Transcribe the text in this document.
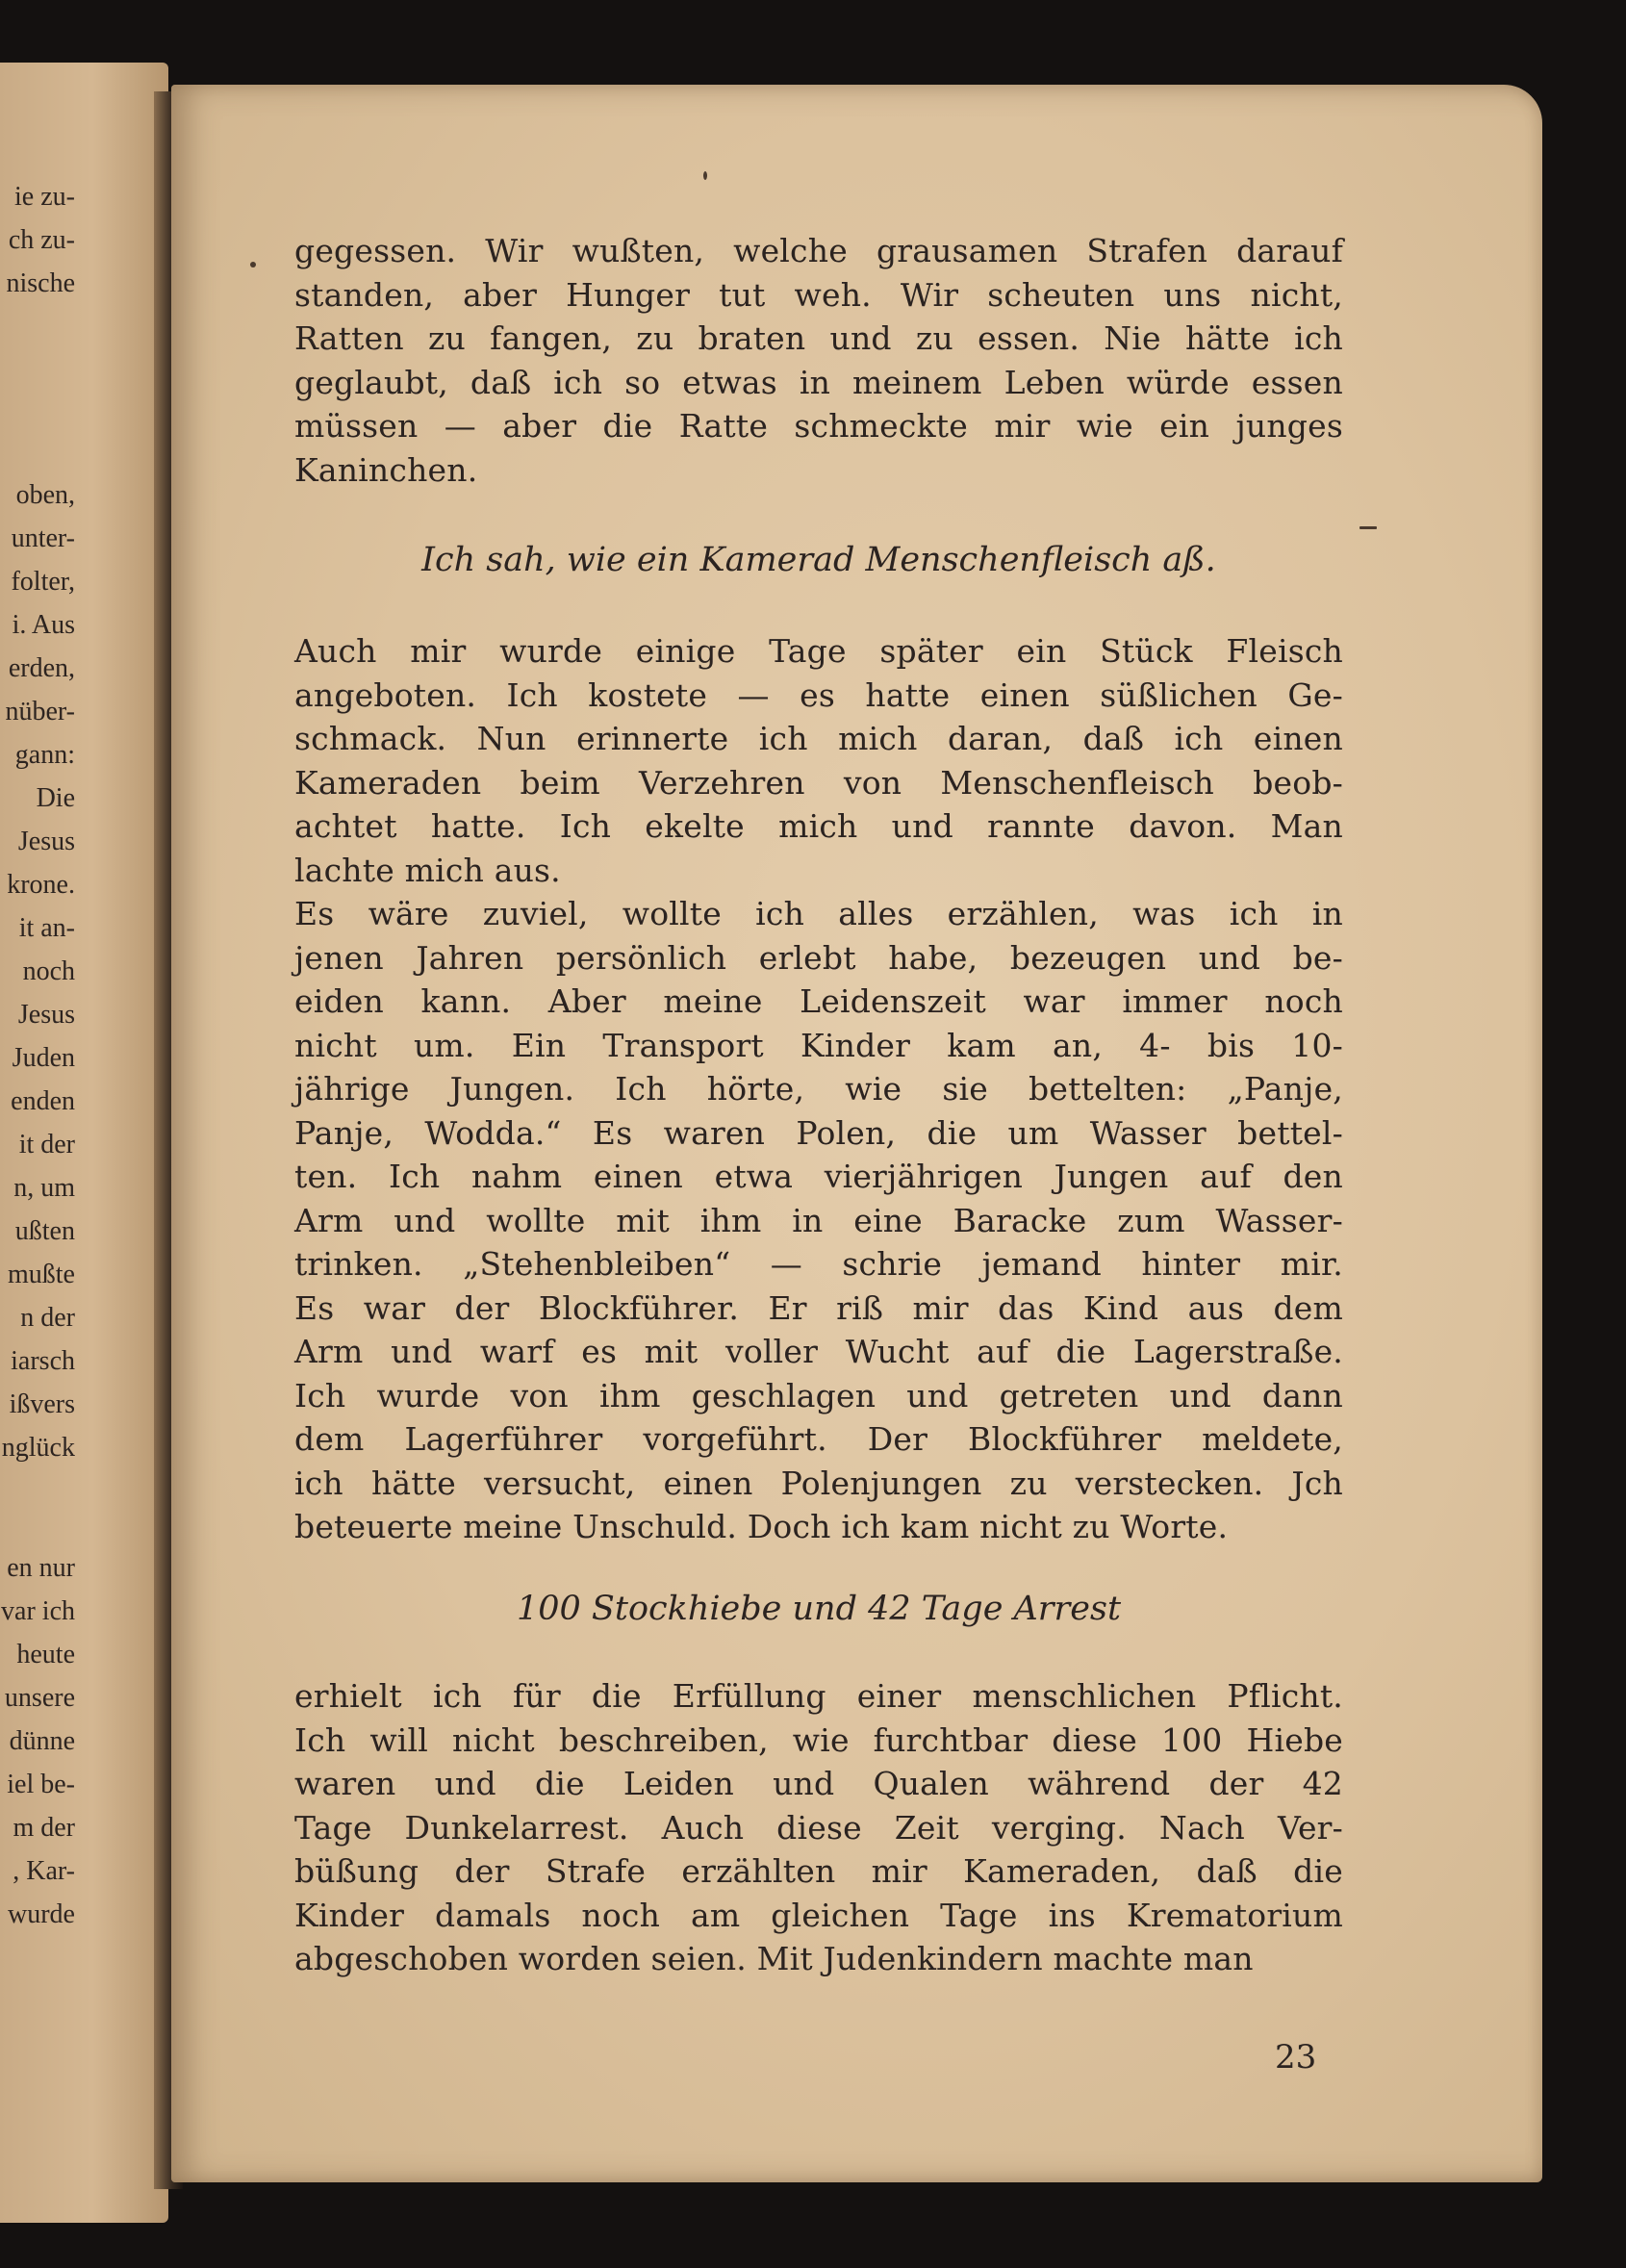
ie zu-
ch zu-
nische
oben,
unter-
folter,
i. Aus
erden,
nüber-
gann:
Die
Jesus
krone.
it an-
noch
Jesus
Juden
enden
it der
n, um
ußten
mußte
n der
iarsch
ißvers
nglück
en nur
var ich
heute
unsere
dünne
iel be-
m der
, Kar-
wurde
gegessen. Wir wußten, welche grausamen Strafen darauf
standen, aber Hunger tut weh. Wir scheuten uns nicht,
Ratten zu fangen, zu braten und zu essen. Nie hätte ich
geglaubt, daß ich so etwas in meinem Leben würde essen
müssen — aber die Ratte schmeckte mir wie ein junges
Kaninchen.
Ich sah, wie ein Kamerad Menschenfleisch aß.
Auch mir wurde einige Tage später ein Stück Fleisch
angeboten. Ich kostete — es hatte einen süßlichen Ge-
schmack. Nun erinnerte ich mich daran, daß ich einen
Kameraden beim Verzehren von Menschenfleisch beob-
achtet hatte. Ich ekelte mich und rannte davon. Man
lachte mich aus.
Es wäre zuviel, wollte ich alles erzählen, was ich in
jenen Jahren persönlich erlebt habe, bezeugen und be-
eiden kann. Aber meine Leidenszeit war immer noch
nicht um. Ein Transport Kinder kam an, 4- bis 10-
jährige Jungen. Ich hörte, wie sie bettelten: „Panje,
Panje, Wodda.“ Es waren Polen, die um Wasser bettel-
ten. Ich nahm einen etwa vierjährigen Jungen auf den
Arm und wollte mit ihm in eine Baracke zum Wasser-
trinken. „Stehenbleiben“ — schrie jemand hinter mir.
Es war der Blockführer. Er riß mir das Kind aus dem
Arm und warf es mit voller Wucht auf die Lagerstraße.
Ich wurde von ihm geschlagen und getreten und dann
dem Lagerführer vorgeführt. Der Blockführer meldete,
ich hätte versucht, einen Polenjungen zu verstecken. Jch
beteuerte meine Unschuld. Doch ich kam nicht zu Worte.
100 Stockhiebe und 42 Tage Arrest
erhielt ich für die Erfüllung einer menschlichen Pflicht.
Ich will nicht beschreiben, wie furchtbar diese 100 Hiebe
waren und die Leiden und Qualen während der 42
Tage Dunkelarrest. Auch diese Zeit verging. Nach Ver-
büßung der Strafe erzählten mir Kameraden, daß die
Kinder damals noch am gleichen Tage ins Krematorium
abgeschoben worden seien. Mit Judenkindern machte man
23
